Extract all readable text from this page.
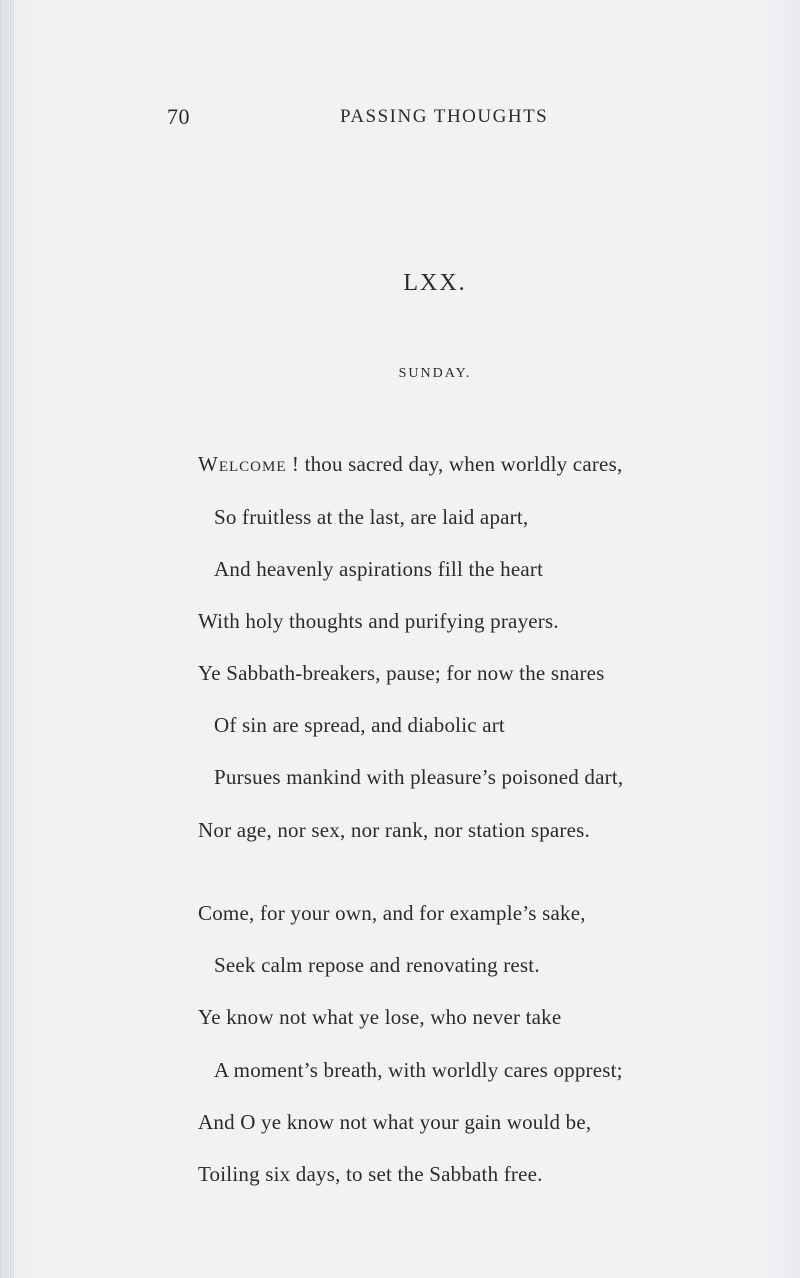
70	PASSING THOUGHTS
LXX.
SUNDAY.
Welcome ! thou sacred day, when worldly cares,
So fruitless at the last, are laid apart,
And heavenly aspirations fill the heart
With holy thoughts and purifying prayers.
Ye Sabbath-breakers, pause; for now the snares
Of sin are spread, and diabolic art
Pursues mankind with pleasure’s poisoned dart,
Nor age, nor sex, nor rank, nor station spares.
Come, for your own, and for example’s sake,
Seek calm repose and renovating rest.
Ye know not what ye lose, who never take
A moment’s breath, with worldly cares opprest;
And O ye know not what your gain would be,
Toiling six days, to set the Sabbath free.
